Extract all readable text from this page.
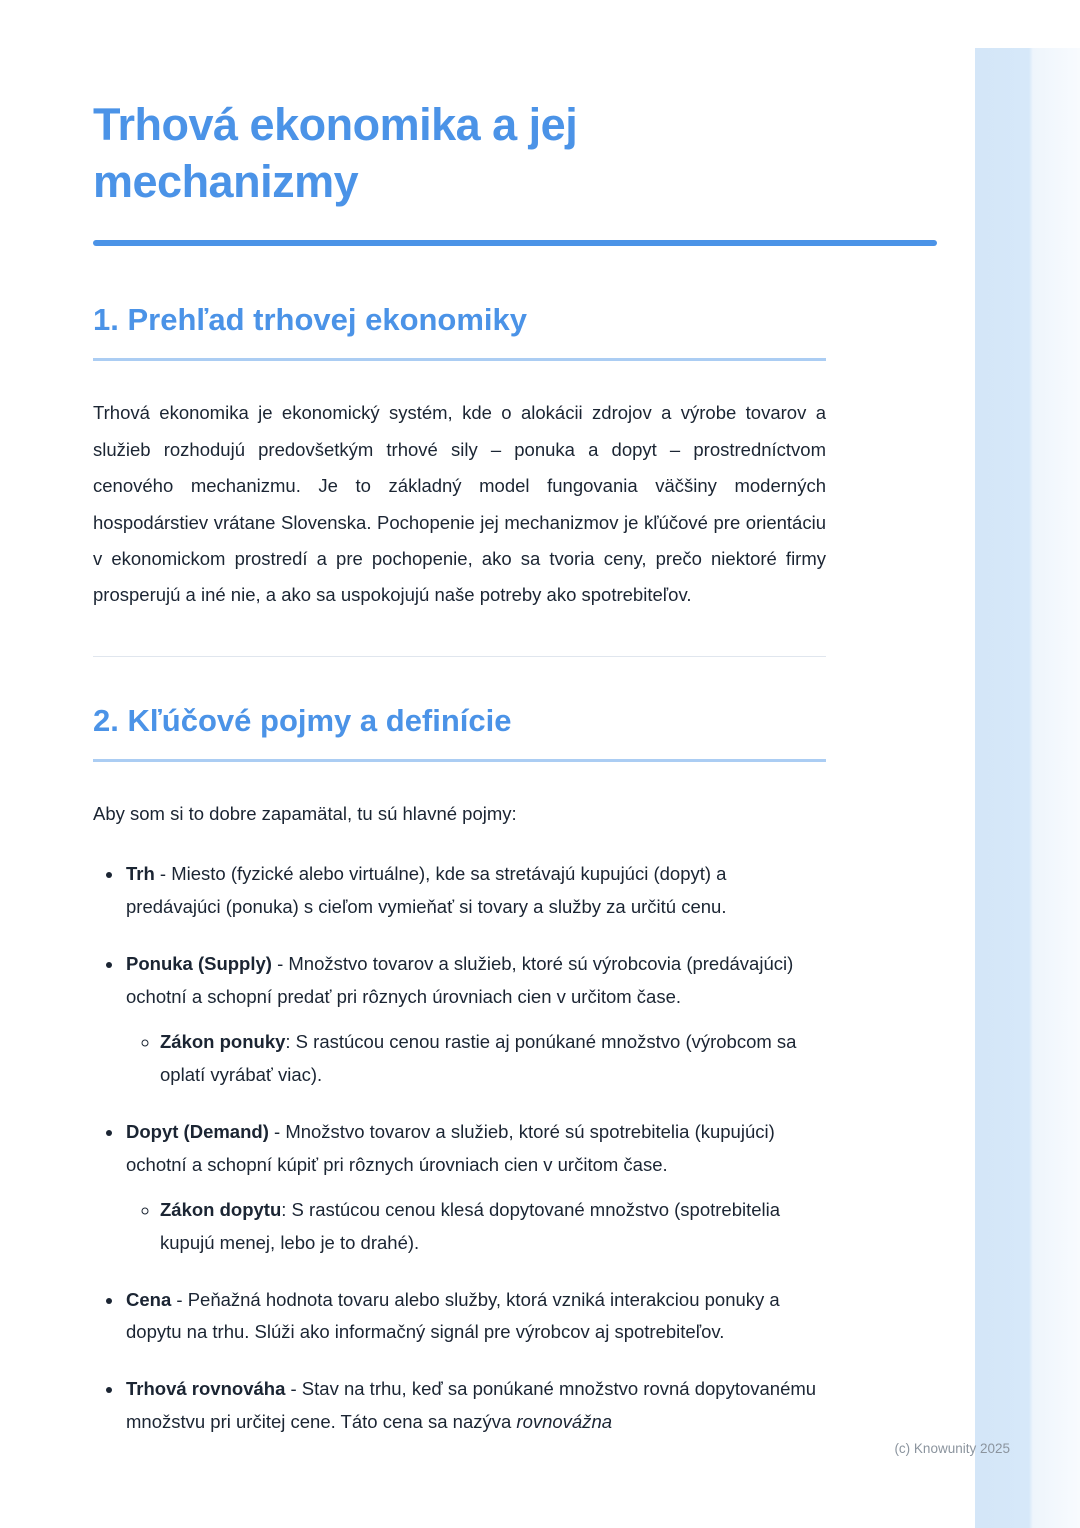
Trhová ekonomika a jej mechanizmy
1. Prehľad trhovej ekonomiky

Trhová ekonomika je ekonomický systém, kde o alokácii zdrojov a výrobe tovarov a služieb rozhodujú predovšetkým trhové sily – ponuka a dopyt – prostredníctvom cenového mechanizmu. Je to základný model fungovania väčšiny moderných hospodárstiev vrátane Slovenska. Pochopenie jej mechanizmov je kľúčové pre orientáciu v ekonomickom prostredí a pre pochopenie, ako sa tvoria ceny, prečo niektoré firmy prosperujú a iné nie, a ako sa uspokojujú naše potreby ako spotrebiteľov.

2. Kľúčové pojmy a definície

Aby som si to dobre zapamätal, tu sú hlavné pojmy:

• Trh - Miesto (fyzické alebo virtuálne), kde sa stretávajú kupujúci (dopyt) a predávajúci (ponuka) s cieľom vymieňať si tovary a služby za určitú cenu.
• Ponuka (Supply) - Množstvo tovarov a služieb, ktoré sú výrobcovia (predávajúci) ochotní a schopní predať pri rôznych úrovniach cien v určitom čase.
◦ Zákon ponuky: S rastúcou cenou rastie aj ponúkané množstvo (výrobcom sa oplatí vyrábať viac).
• Dopyt (Demand) - Množstvo tovarov a služieb, ktoré sú spotrebitelia (kupujúci) ochotní a schopní kúpiť pri rôznych úrovniach cien v určitom čase.
◦ Zákon dopytu: S rastúcou cenou klesá dopytované množstvo (spotrebitelia kupujú menej, lebo je to drahé).
• Cena - Peňažná hodnota tovaru alebo služby, ktorá vzniká interakciou ponuky a dopytu na trhu. Slúži ako informačný signál pre výrobcov aj spotrebiteľov.
• Trhová rovnováha - Stav na trhu, keď sa ponúkané množstvo rovná dopytovanému množstvu pri určitej cene. Táto cena sa nazýva rovnovážna
(c) Knowunity 2025
